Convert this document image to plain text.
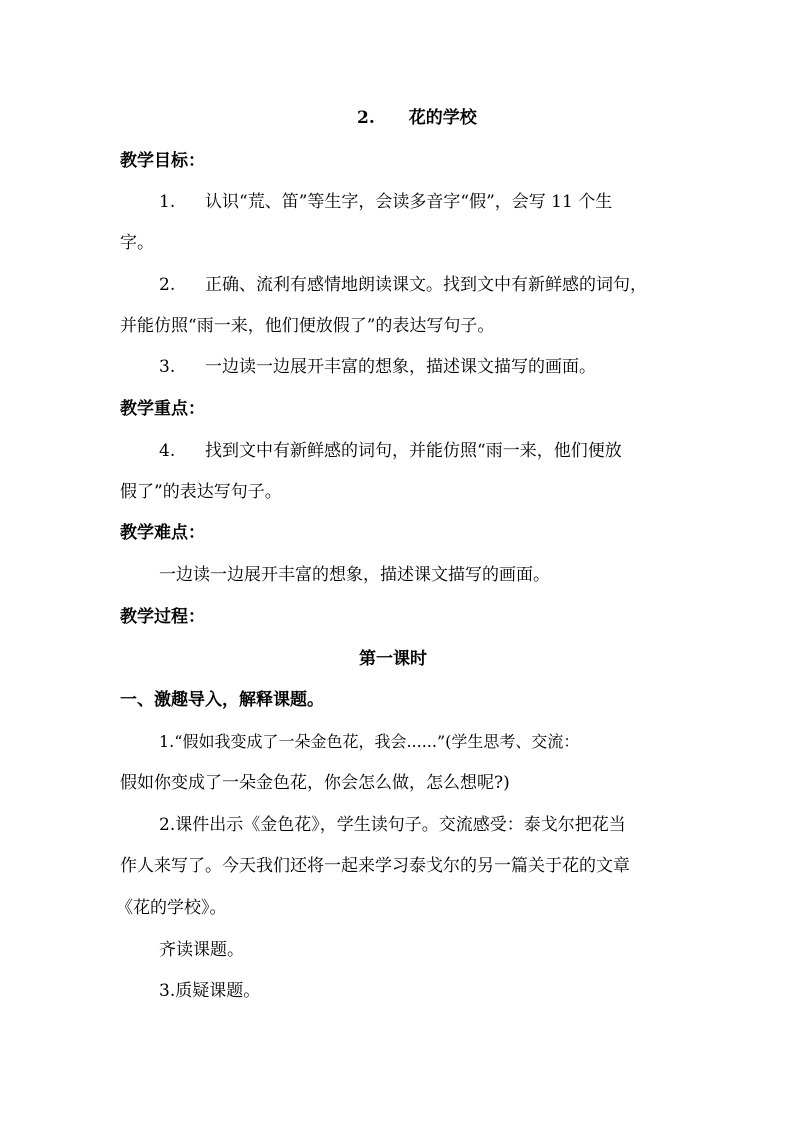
2. 花的学校
教学目标：
1. 认识“荒、笛”等生字，会读多音字“假”，会写 11 个生
字。
2. 正确、流利有感情地朗读课文。找到文中有新鲜感的词句，
并能仿照“雨一来，他们便放假了”的表达写句子。
3. 一边读一边展开丰富的想象，描述课文描写的画面。
教学重点：
4. 找到文中有新鲜感的词句，并能仿照“雨一来，他们便放
假了”的表达写句子。
教学难点：
一边读一边展开丰富的想象，描述课文描写的画面。
教学过程：
第一课时
一、激趣导入，解释课题。
1.“假如我变成了一朵金色花，我会......”(学生思考、交流：
假如你变成了一朵金色花，你会怎么做，怎么想呢?)
2.课件出示《金色花》，学生读句子。交流感受：泰戈尔把花当
作人来写了。今天我们还将一起来学习泰戈尔的另一篇关于花的文章
《花的学校》。
齐读课题。
3.质疑课题。
